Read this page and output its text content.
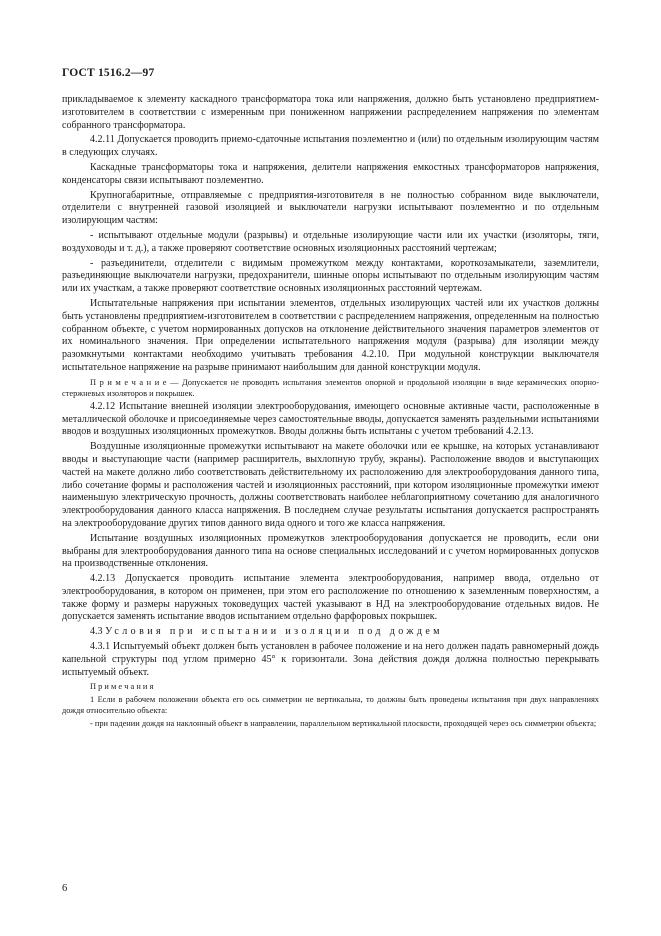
ГОСТ 1516.2—97

прикладываемое к элементу каскадного трансформатора тока или напряжения, должно быть установлено предприятием-изготовителем в соответствии с измеренным при пониженном напряжении распределением напряжения по элементам собранного трансформатора.

4.2.11 Допускается проводить приемо-сдаточные испытания поэлементно и (или) по отдельным изолирующим частям в следующих случаях.

Каскадные трансформаторы тока и напряжения, делители напряжения емкостных трансформаторов напряжения, конденсаторы связи испытывают поэлементно.

Крупногабаритные, отправляемые с предприятия-изготовителя в не полностью собранном виде выключатели, отделители с внутренней газовой изоляцией и выключатели нагрузки испытывают поэлементно и по отдельным изолирующим частям:

- испытывают отдельные модули (разрывы) и отдельные изолирующие части или их участки (изоляторы, тяги, воздуховоды и т. д.), а также проверяют соответствие основных изоляционных расстояний чертежам;

- разъединители, отделители с видимым промежутком между контактами, короткозамыкатели, заземлители, разъединяющие выключатели нагрузки, предохранители, шинные опоры испытывают по отдельным изолирующим частям или их участкам, а также проверяют соответствие основных изоляционных расстояний чертежам.

Испытательные напряжения при испытании элементов, отдельных изолирующих частей или их участков должны быть установлены предприятием-изготовителем в соответствии с распределением напряжения, определенным на полностью собранном объекте, с учетом нормированных допусков на отклонение действительного значения параметров элементов от их номинального значения. При определении испытательного напряжения модуля (разрыва) для изоляции между разомкнутыми контактами необходимо учитывать требования 4.2.10. При модульной конструкции выключателя испытательное напряжение на разрыве принимают наибольшим для данной конструкции модуля.

П р и м е ч а н и е — Допускается не проводить испытания элементов опорной и продольной изоляции в виде керамических опорно-стержневых изоляторов и покрышек.

4.2.12 Испытание внешней изоляции электрооборудования, имеющего основные активные части, расположенные в металлической оболочке и присоединяемые через самостоятельные вводы, допускается заменять раздельными испытаниями вводов и воздушных изоляционных промежутков. Вводы должны быть испытаны с учетом требований 4.2.13.

Воздушные изоляционные промежутки испытывают на макете оболочки или ее крышке, на которых устанавливают вводы и выступающие части (например расширитель, выхлопную трубу, экраны). Расположение вводов и выступающих частей на макете должно либо соответствовать действительному их расположению для электрооборудования данного типа, либо сочетание формы и расположения частей и изоляционных расстояний, при котором изоляционные промежутки имеют наименьшую электрическую прочность, должны соответствовать наиболее неблагоприятному сочетанию для аналогичного электрооборудования данного класса напряжения. В последнем случае результаты испытания допускается распространять на электрооборудование других типов данного вида одного и того же класса напряжения.

Испытание воздушных изоляционных промежутков электрооборудования допускается не проводить, если они выбраны для электрооборудования данного типа на основе специальных исследований и с учетом нормированных допусков на производственные отклонения.

4.2.13 Допускается проводить испытание элемента электрооборудования, например ввода, отдельно от электрооборудования, в котором он применен, при этом его расположение по отношению к заземленным поверхностям, а также форму и размеры наружных токоведущих частей указывают в НД на электрооборудование отдельных видов. Не допускается заменять испытание вводов испытанием отдельно фарфоровых покрышек.

4.3 Условия при испытании изоляции под дождем

4.3.1 Испытуемый объект должен быть установлен в рабочее положение и на него должен падать равномерный дождь капельной структуры под углом примерно 45° к горизонтали. Зона действия дождя должна полностью перекрывать испытуемый объект.

П р и м е ч а н и я

1 Если в рабочем положении объекта его ось симметрии не вертикальна, то должны быть проведены испытания при двух направлениях дождя относительно объекта:

- при падении дождя на наклонный объект в направлении, параллельном вертикальной плоскости, проходящей через ось симметрии объекта;

6
